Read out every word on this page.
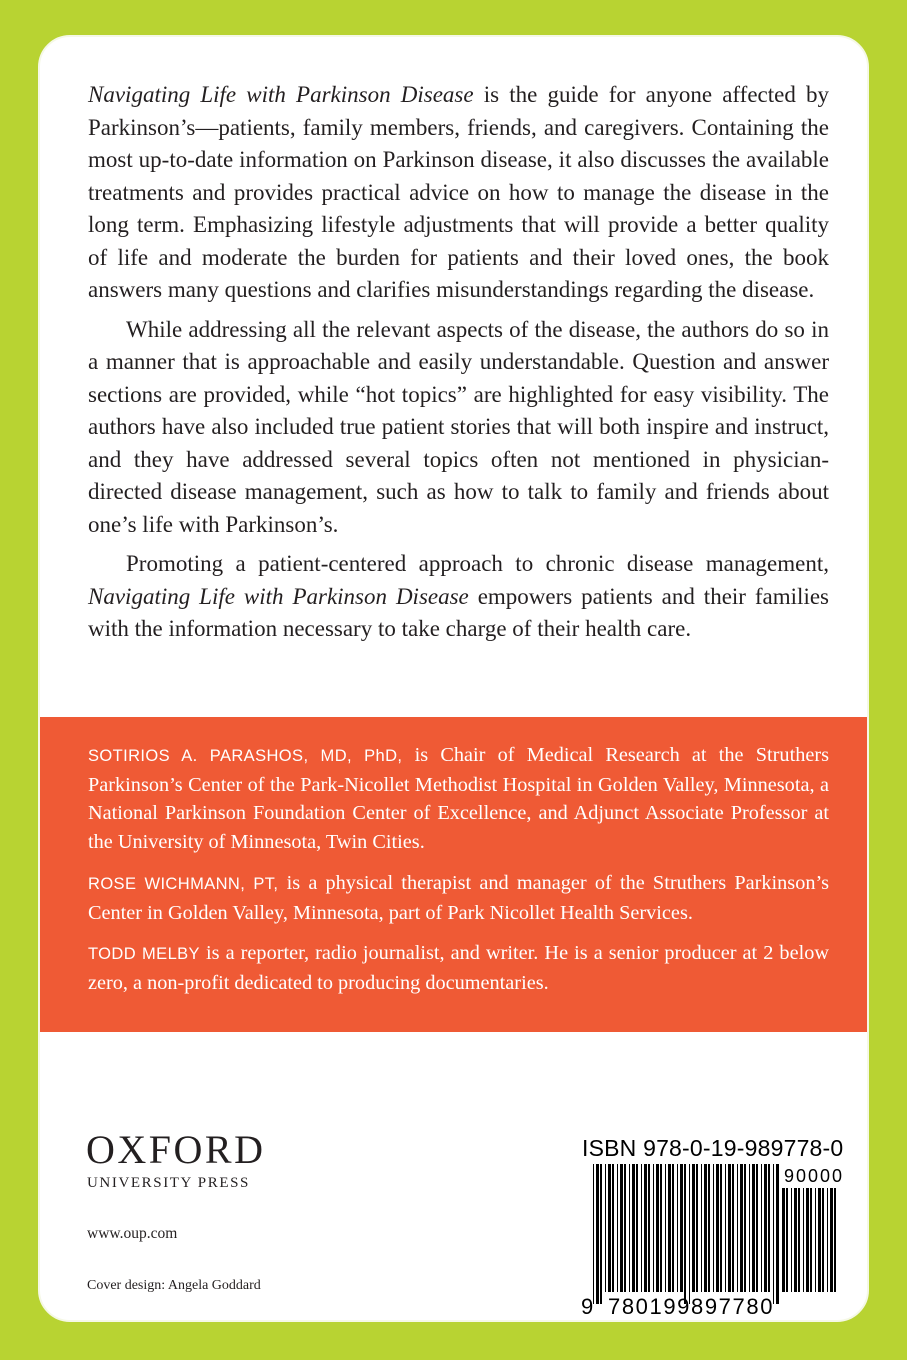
Navigating Life with Parkinson Disease is the guide for anyone affected by Parkinson’s—patients, family members, friends, and caregivers. Containing the most up-to-date information on Parkinson disease, it also discusses the available treatments and provides practical advice on how to manage the disease in the long term. Emphasizing lifestyle adjustments that will provide a better quality of life and moderate the burden for patients and their loved ones, the book answers many questions and clarifies misunderstandings regarding the disease.

While addressing all the relevant aspects of the disease, the authors do so in a manner that is approachable and easily understandable. Question and answer sections are provided, while “hot topics” are highlighted for easy visibility. The authors have also included true patient stories that will both inspire and instruct, and they have addressed several topics often not mentioned in physician-directed disease management, such as how to talk to family and friends about one’s life with Parkinson’s.

Promoting a patient-centered approach to chronic disease management, Navigating Life with Parkinson Disease empowers patients and their families with the information necessary to take charge of their health care.

SOTIRIOS A. PARASHOS, MD, PhD, is Chair of Medical Research at the Struthers Parkinson’s Center of the Park-Nicollet Methodist Hospital in Golden Valley, Minnesota, a National Parkinson Foundation Center of Excellence, and Adjunct Associate Professor at the University of Minnesota, Twin Cities.
ROSE WICHMANN, PT, is a physical therapist and manager of the Struthers Parkinson’s Center in Golden Valley, Minnesota, part of Park Nicollet Health Services.
TODD MELBY is a reporter, radio journalist, and writer. He is a senior producer at 2 below zero, a non-profit dedicated to producing documentaries.
OXFORD
UNIVERSITY PRESS
www.oup.com
Cover design: Angela Goddard
ISBN 978-0-19-989778-0
90000
9 780199897780
